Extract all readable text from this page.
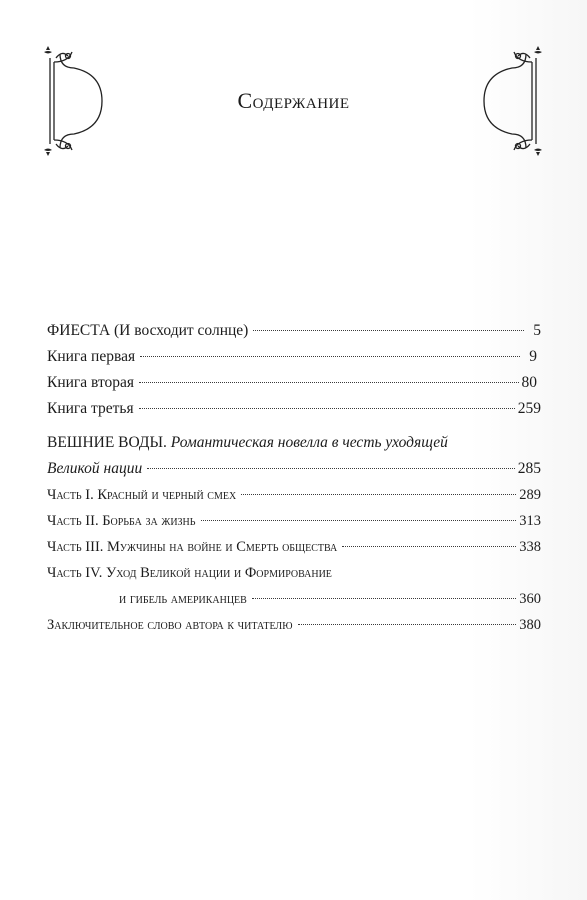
Содержание
ФИЕСТА (И восходит солнце)	5
Книга первая	9
Книга вторая	80
Книга третья	259
ВЕШНИЕ ВОДЫ. Романтическая новелла в честь уходящей
Великой нации	285
Часть I. Красный и черный смех	289
Часть II. Борьба за жизнь	313
Часть III. Мужчины на войне и Смерть общества	338
Часть IV. Уход Великой нации и Формирование
и гибель американцев	360
Заключительное слово автора к читателю	380
